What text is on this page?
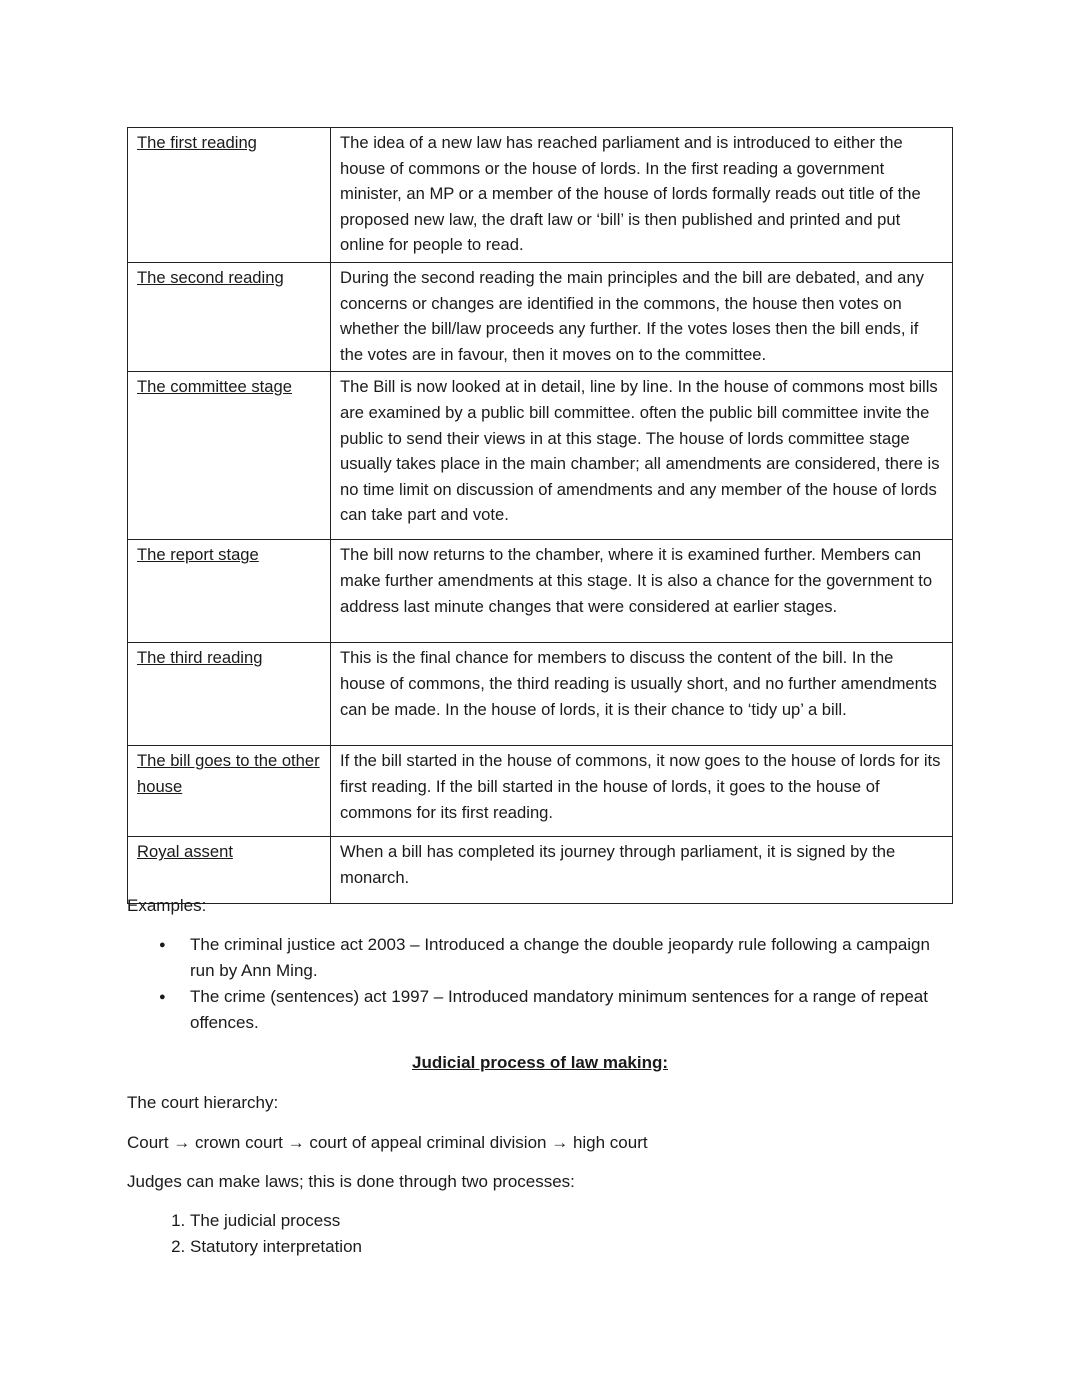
The first reading	The idea of a new law has reached parliament and is introduced to either the house of commons or the house of lords. In the first reading a government minister, an MP or a member of the house of lords formally reads out title of the proposed new law, the draft law or ‘bill’ is then published and printed and put online for people to read.
The second reading	During the second reading the main principles and the bill are debated, and any concerns or changes are identified in the commons, the house then votes on whether the bill/law proceeds any further. If the votes loses then the bill ends, if the votes are in favour, then it moves on to the committee.
The committee stage	The Bill is now looked at in detail, line by line. In the house of commons most bills are examined by a public bill committee. often the public bill committee invite the public to send their views in at this stage. The house of lords committee stage usually takes place in the main chamber; all amendments are considered, there is no time limit on discussion of amendments and any member of the house of lords can take part and vote.
The report stage	The bill now returns to the chamber, where it is examined further. Members can make further amendments at this stage. It is also a chance for the government to address last minute changes that were considered at earlier stages.
The third reading	This is the final chance for members to discuss the content of the bill. In the house of commons, the third reading is usually short, and no further amendments can be made. In the house of lords, it is their chance to ‘tidy up’ a bill.
The bill goes to the other house	If the bill started in the house of commons, it now goes to the house of lords for its first reading. If the bill started in the house of lords, it goes to the house of commons for its first reading.
Royal assent	When a bill has completed its journey through parliament, it is signed by the monarch.

Examples:

● The criminal justice act 2003 – Introduced a change the double jeopardy rule following a campaign run by Ann Ming.
● The crime (sentences) act 1997 – Introduced mandatory minimum sentences for a range of repeat offences.
Judicial process of law making:

The court hierarchy:

Court → crown court → court of appeal criminal division → high court

Judges can make laws; this is done through two processes:

1. The judicial process
2. Statutory interpretation
